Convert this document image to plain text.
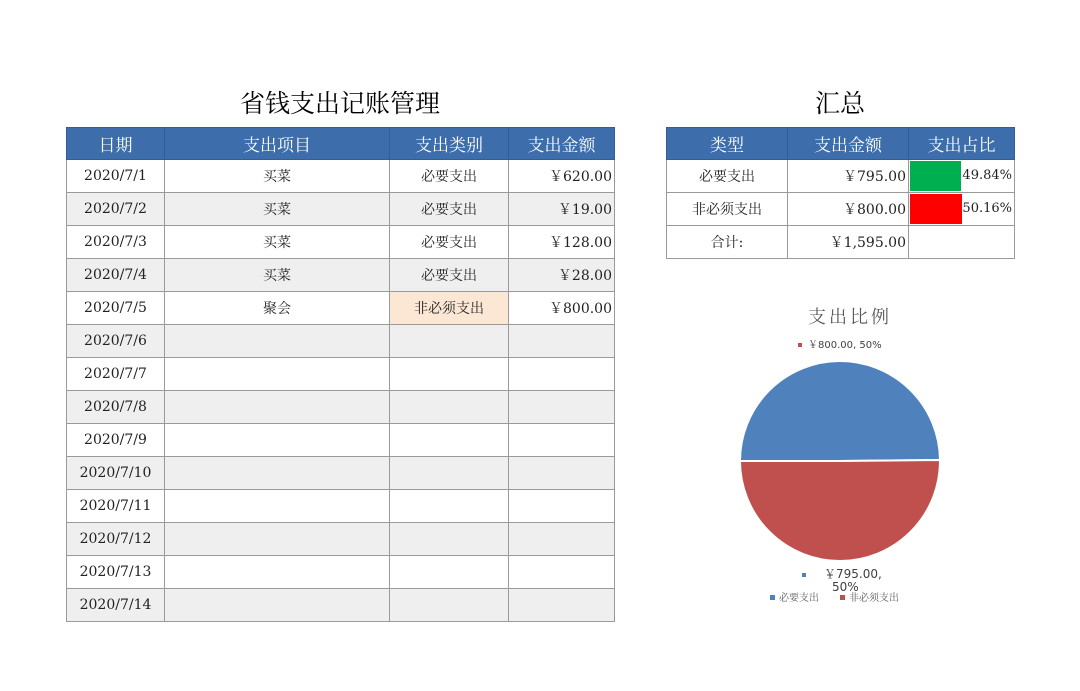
省钱支出记账管理	汇总
日期	支出项目	支出类别	支出金额
2020/7/1	买菜	必要支出	￥620.00
2020/7/2	买菜	必要支出	￥19.00
2020/7/3	买菜	必要支出	￥128.00
2020/7/4	买菜	必要支出	￥28.00
2020/7/5	聚会	非必须支出	￥800.00
2020/7/6			
2020/7/7			
2020/7/8			
2020/7/9			
2020/7/10			
2020/7/11			
2020/7/12			
2020/7/13			
2020/7/14			
类型	支出金额	支出占比
必要支出	￥795.00	49.84%

非必须支出	￥800.00	50.16%

合计:	￥1,595.00	
支出比例
￥795.00, 50%
￥800.00, 50%
必要支出	非必须支出
